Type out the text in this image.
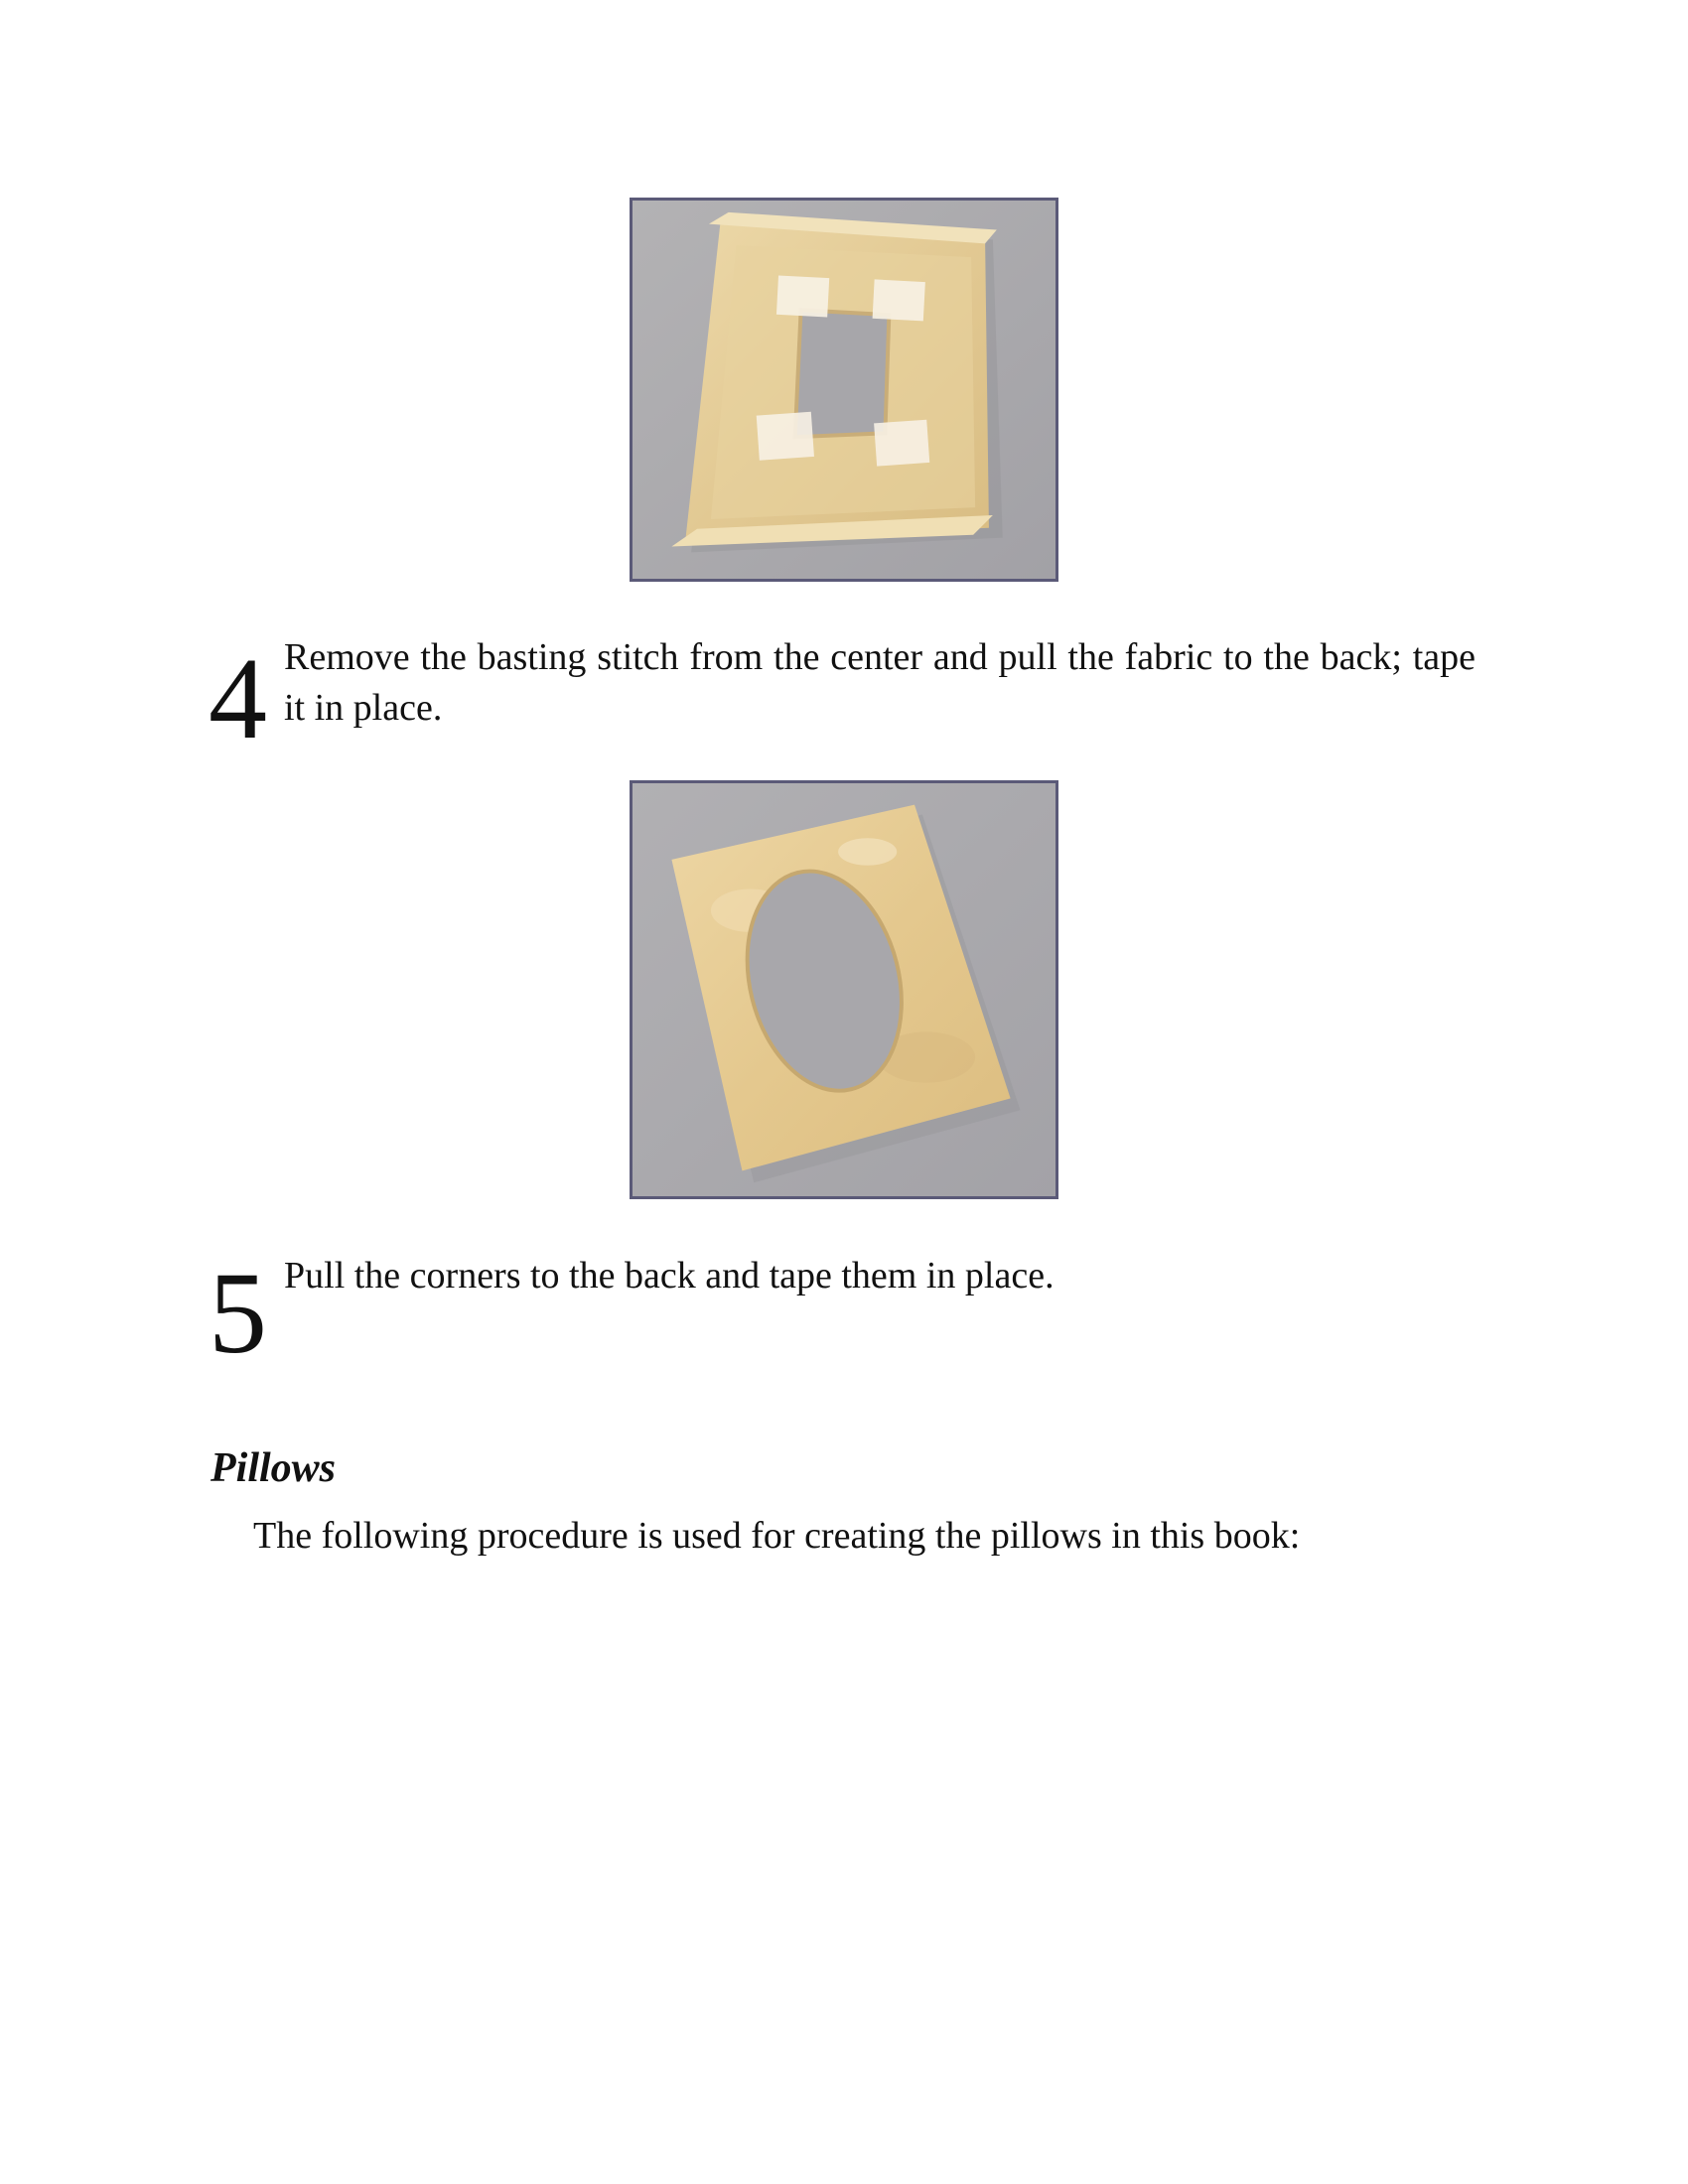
4 Remove the basting stitch from the center and pull the fabric to the back; tape it in place.
5 Pull the corners to the back and tape them in place.
Pillows
The following procedure is used for creating the pillows in this book:
